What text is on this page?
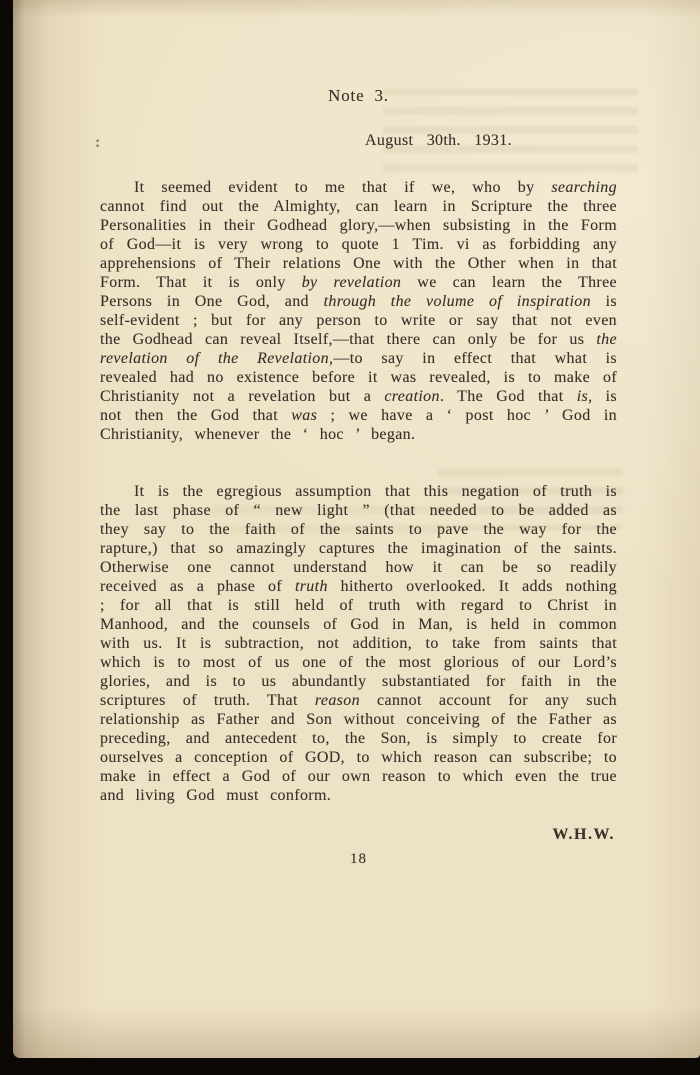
Note 3.
:	August 30th. 1931.

It seemed evident to me that if we, who by searching cannot find out the Almighty, can learn in Scripture the three Personalities in their Godhead glory,—when subsisting in the Form of God—it is very wrong to quote 1 Tim. vi as forbidding any apprehensions of Their relations One with the Other when in that Form. That it is only by revelation we can learn the Three Persons in One God, and through the volume of inspiration is self-evident ; but for any person to write or say that not even the Godhead can reveal Itself,—that there can only be for us the revelation of the Revelation,—to say in effect that what is revealed had no existence before it was revealed, is to make of Christianity not a revelation but a creation. The God that is, is not then the God that was ; we have a ‘ post hoc ’ God in Christianity, whenever the ‘ hoc ’ began.

It is the egregious assumption that this negation of truth is the last phase of “ new light ” (that needed to be added as they say to the faith of the saints to pave the way for the rapture,) that so amazingly captures the imagination of the saints. Otherwise one cannot understand how it can be so readily received as a phase of truth hitherto overlooked. It adds nothing ; for all that is still held of truth with regard to Christ in Manhood, and the counsels of God in Man, is held in common with us. It is subtraction, not addition, to take from saints that which is to most of us one of the most glorious of our Lord’s glories, and is to us abundantly substantiated for faith in the scriptures of truth. That reason cannot account for any such relationship as Father and Son without conceiving of the Father as preceding, and antecedent to, the Son, is simply to create for ourselves a conception of GOD, to which reason can subscribe; to make in effect a God of our own reason to which even the true and living God must conform.

W.H.W.
18
